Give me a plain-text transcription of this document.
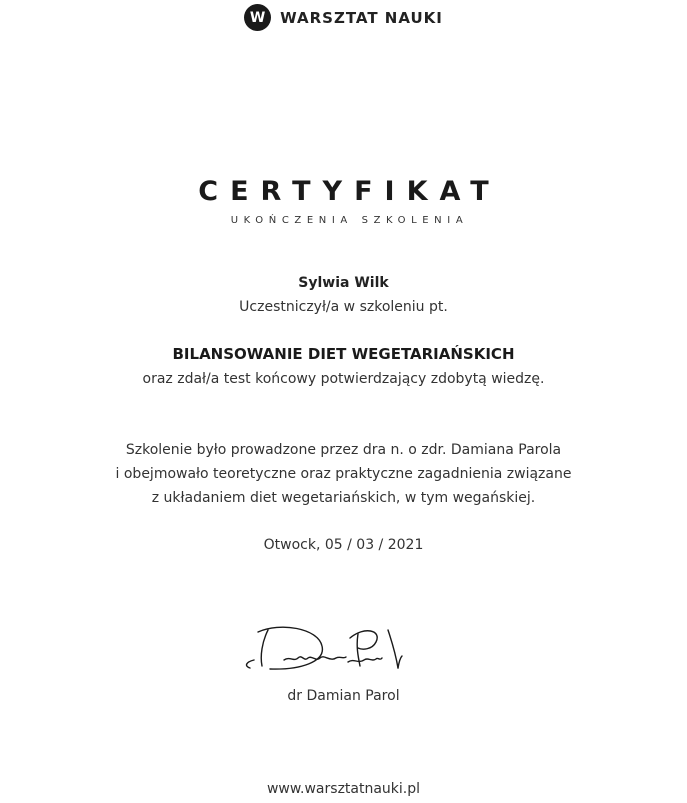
W WARSZTAT NAUKI
CERTYFIKAT
UKOŃCZENIA SZKOLENIA
Sylwia Wilk
Uczestniczył/a w szkoleniu pt.
BILANSOWANIE DIET WEGETARIAŃSKICH
oraz zdał/a test końcowy potwierdzający zdobytą wiedzę.
Szkolenie było prowadzone przez dra n. o zdr. Damiana Parola
i obejmowało teoretyczne oraz praktyczne zagadnienia związane
z układaniem diet wegetariańskich, w tym wegańskiej.
Otwock, 05 / 03 / 2021
dr Damian Parol
www.warsztatnauki.pl
